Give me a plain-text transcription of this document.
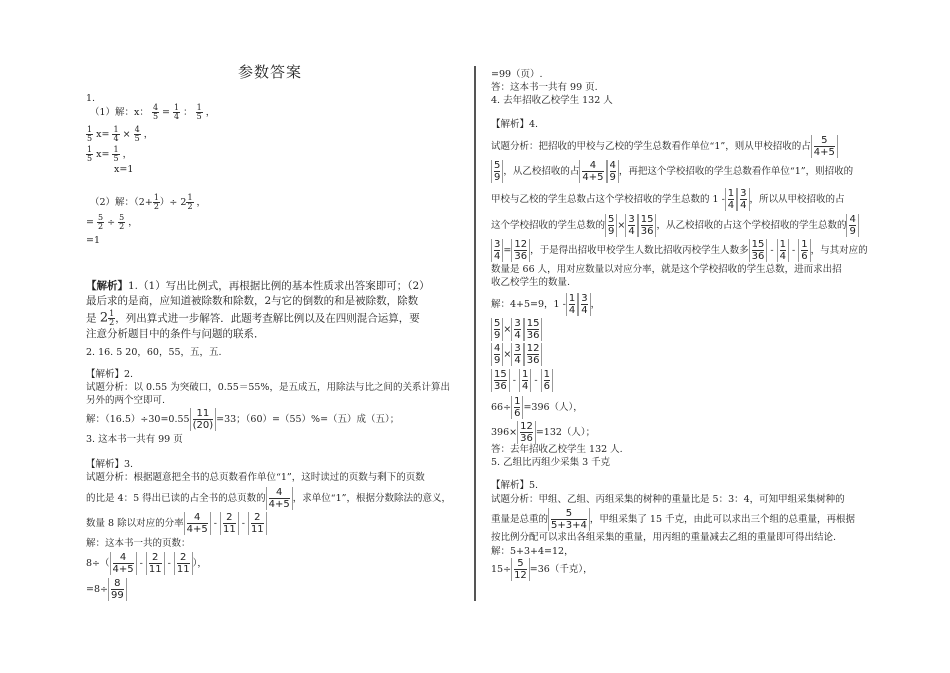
参数答案
1.
（1）解：x： $\frac{4}{5} = \frac{1}{4}$ ： $\frac{1}{5}$ ，
$\frac{1}{5} x= \frac{1}{4} \times \frac{4}{5}$ ，
$\frac{1}{5} x= \frac{1}{5}$ ，
x=1
（2）解：（$2+ \frac{1}{2}$ ）÷ $2 \frac{1}{2}$ ，
= $\frac{5}{2} \div \frac{5}{2}$ ，
=1
【解析】1.（1）写出比例式，再根据比例的基本性质求出答案即可；（2）
最后求的是商，应知道被除数和除数，2与它的倒数的和是被除数，除数
是 $2 \frac{1}{2}$ ，列出算式进一步解答．此题考查解比例以及在四则混合运算，要
注意分析题目中的条件与问题的联系．
2. 16. 5 20，60，55，五，五.
【解析】2.
试题分析：以 0.55 为突破口，0.55＝55%，是五成五，用除法与比之间的关系计算出
另外的两个空即可.
解：$(16.5)\div 30=0.55 \frac{11}{(20)} =33$；（60）=（55）%=（五）成（五）；
3. 这本书一共有 99 页
【解析】3.
试题分析：根据题意把全书的总页数看作单位“1”，这时读过的页数与剩下的页数
的比是 4：5 得出已读的占全书的总页数的 $\frac{4}{4+5}$ ，求单位“1”，根据分数除法的意义，
数量 8 除以对应的分率 $\frac{4}{4+5} - \frac{2}{11} - \frac{2}{11}$
解：这本书一共的页数：
$8\div( \frac{4}{4+5} - \frac{2}{11} - \frac{2}{11}$ ），
$=8\div \frac{8}{99}$
=99（页）.
答：这本书一共有 99 页.
4. 去年招收乙校学生 132 人
【解析】4.
试题分析：把招收的甲校与乙校的学生总数看作单位“1”，则从甲校招收的占 $\frac{5}{4+5}$
$\frac{5}{9}$ ，从乙校招收的占 $\frac{4}{4+5} \frac{4}{9}$ ，再把这个学校招收的学生总数看作单位“1”，则招收的
甲校与乙校的学生总数占这个学校招收的学生总数的 $1 - \frac{1}{4} \frac{3}{4}$ ，所以从甲校招收的占
这个学校招收的学生总数的 $\frac{5}{9} \times \frac{3}{4} \frac{15}{36}$ ，从乙校招收的占这个学校招收的学生总数的 $\frac{4}{9}$
$\frac{3}{4} = \frac{12}{36}$ ，于是得出招收甲校学生人数比招收丙校学生人数多 $\frac{15}{36} - \frac{1}{4} - \frac{1}{6}$ ，与其对应的
数量是 66 人，用对应数量以对应分率，就是这个学校招收的学生总数，进而求出招
收乙校学生的数量.
解：4+5=9，$1 - \frac{1}{4} \frac{3}{4}$ ，
$\frac{5}{9} \times \frac{3}{4} \frac{15}{36}$
$\frac{4}{9} \times \frac{3}{4} \frac{12}{36}$
$\frac{15}{36} - \frac{1}{4} - \frac{1}{6}$
$66\div \frac{1}{6} =396$（人），
$396\times \frac{12}{36} =132$（人）；
答：去年招收乙校学生 132 人.
5. 乙组比丙组少采集 3 千克
【解析】5.
试题分析：甲组、乙组、丙组采集的树种的重量比是 5：3：4，可知甲组采集树种的
重量是总重的 $\frac{5}{5+3+4}$ ，甲组采集了 15 千克，由此可以求出三个组的总重量，再根据
按比例分配可以求出各组采集的重量，用丙组的重量减去乙组的重量即可得出结论.
解：5+3+4=12，
$15\div \frac{5}{12} =36$（千克），
